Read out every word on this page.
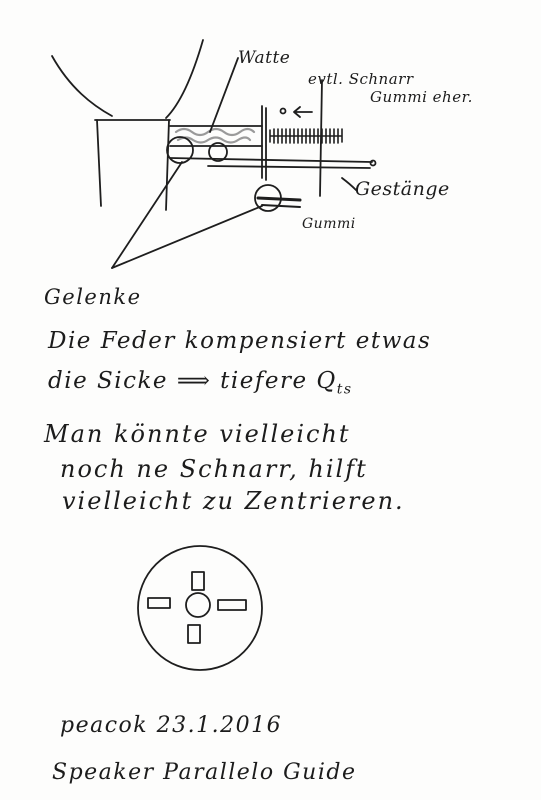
Watte
evtl. Schnarr
Gummi eher.
Gestänge
Gummi
Gelenke
Die Feder kompensiert etwas
die Sicke ⟹ tiefere $Q_{ts}$
Man könnte vielleicht
noch ne Schnarr, hilft
vielleicht zu Zentrieren.
peacok 23.1.2016
Speaker Parallelo Guide
